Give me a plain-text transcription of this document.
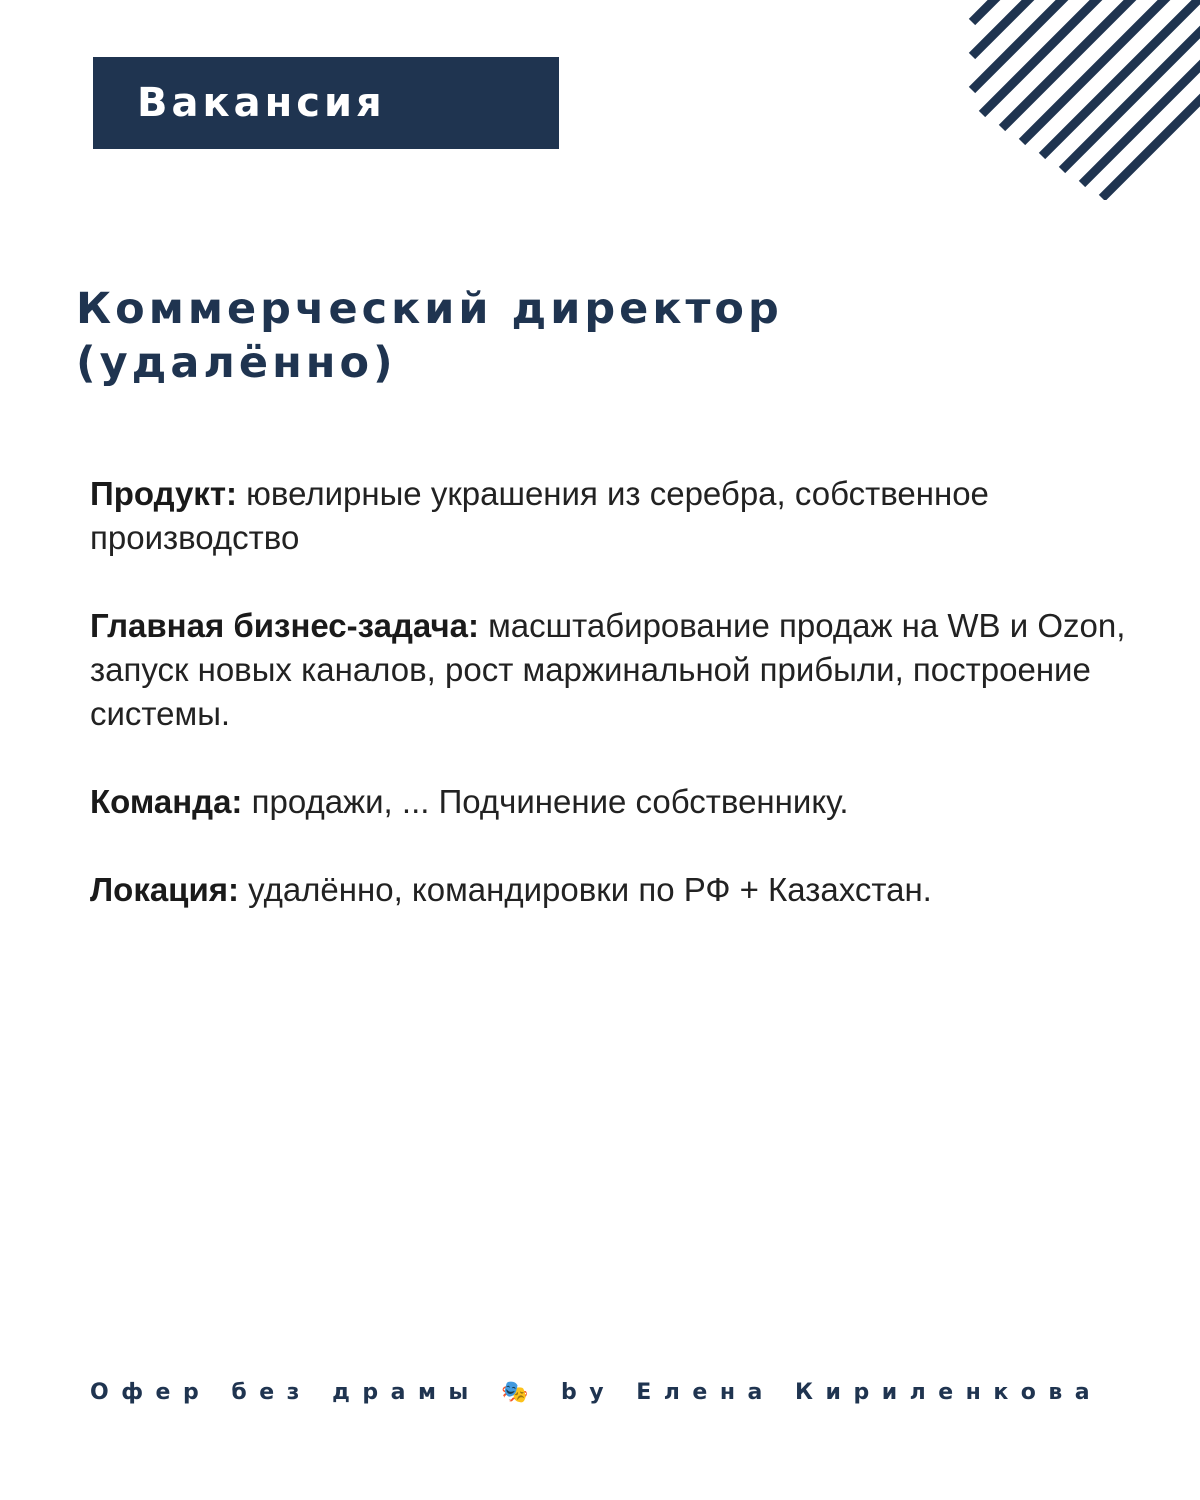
Вакансия
Коммерческий директор
(удалённо)

Продукт: ювелирные украшения из серебра, собственное производство

Главная бизнес-задача: масштабирование продаж на WB и Ozon, запуск новых каналов, рост маржинальной прибыли, построение системы.

Команда: продажи, ... Подчинение собственнику.

Локация: удалённо, командировки по РФ + Казахстан.

Офер без драмы 🎭 by Елена Кириленкова
